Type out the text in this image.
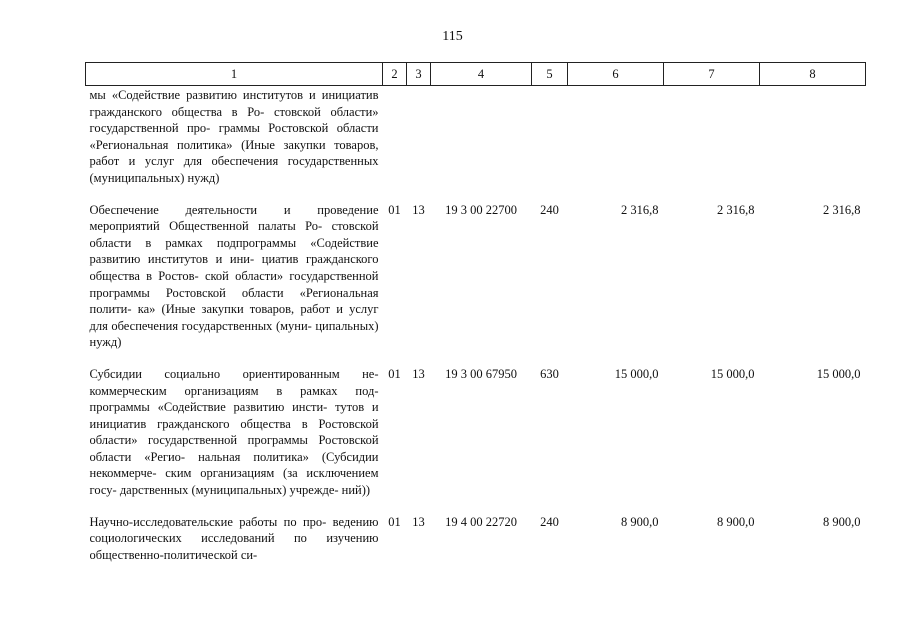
115
1	2	3	4	5	6	7	8
мы «Содействие развитию институтов и инициатив гражданского общества в Ро- стовской области» государственной про- граммы Ростовской области «Региональная политика» (Иные закупки товаров, работ и услуг для обеспечения государственных (муниципальных) нужд)							
Обеспечение деятельности и проведение мероприятий Общественной палаты Ро- стовской области в рамках подпрограммы «Содействие развитию институтов и ини- циатив гражданского общества в Ростов- ской области» государственной программы Ростовской области «Региональная полити- ка» (Иные закупки товаров, работ и услуг для обеспечения государственных (муни- ципальных) нужд)	01	13	19 3 00 22700	240	2 316,8	2 316,8	2 316,8
Субсидии социально ориентированным не- коммерческим организациям в рамках под- программы «Содействие развитию инсти- тутов и инициатив гражданского общества в Ростовской области» государственной программы Ростовской области «Регио- нальная политика» (Субсидии некоммерче- ским организациям (за исключением госу- дарственных (муниципальных) учрежде- ний))	01	13	19 3 00 67950	630	15 000,0	15 000,0	15 000,0
Научно-исследовательские работы по про- ведению социологических исследований по изучению общественно-политической си-	01	13	19 4 00 22720	240	8 900,0	8 900,0	8 900,0
